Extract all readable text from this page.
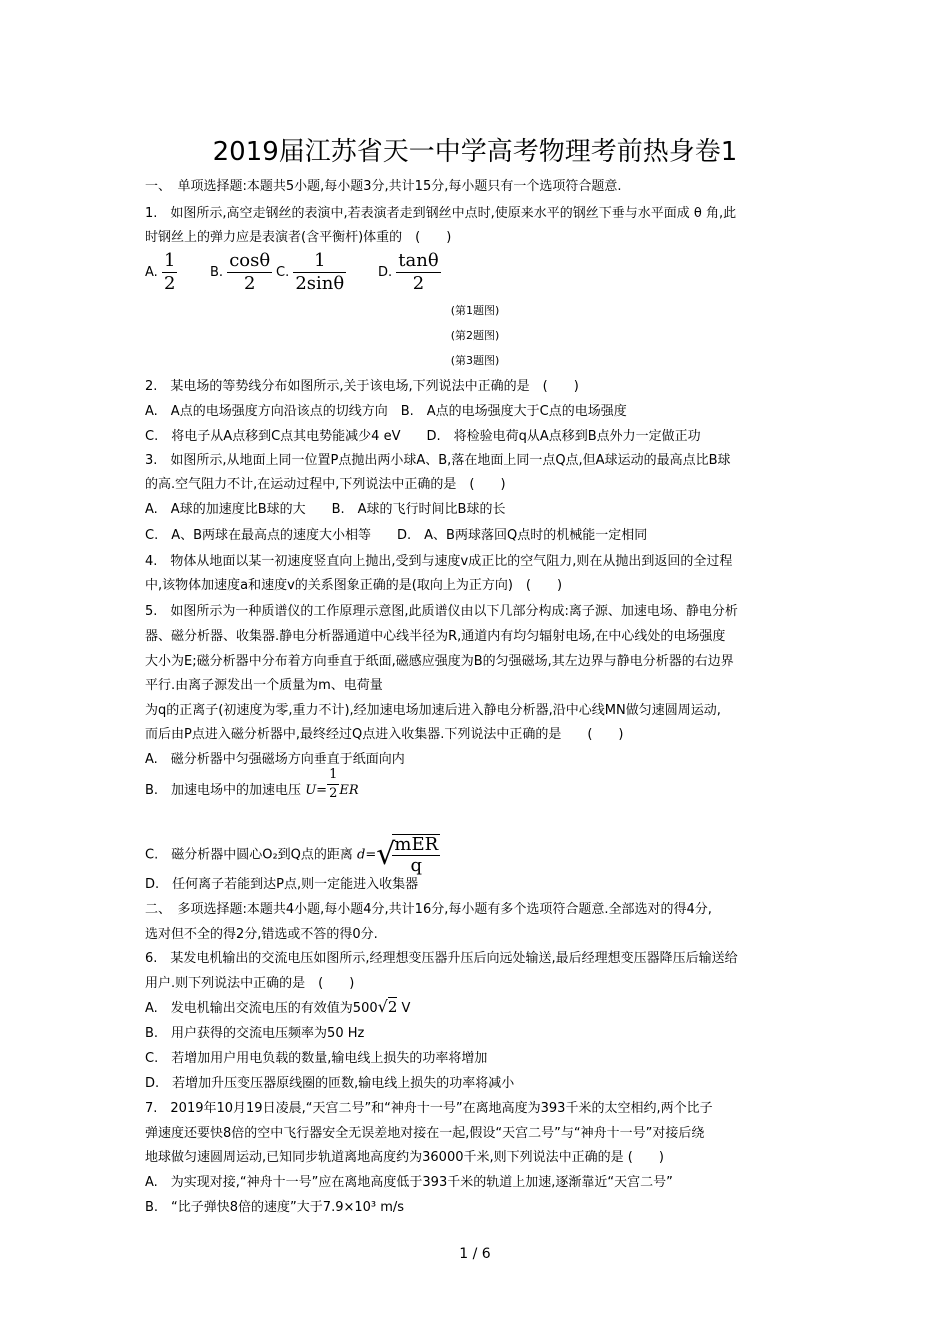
2019届江苏省天一中学高考物理考前热身卷1
一、　单项选择题:本题共5小题,每小题3分,共计15分,每小题只有一个选项符合题意.
1.　如图所示,高空走钢丝的表演中,若表演者走到钢丝中点时,使原来水平的钢丝下垂与水平面成 θ 角,此
时钢丝上的弹力应是表演者(含平衡杆)体重的　(　　)
A. $\frac{1}{2}$	B. $\frac{\cos\theta}{2} C$. $\frac{1}{2\sin\theta} D$. $\frac{\tan\theta}{2}$
(第1题图)
(第2题图)
(第3题图)
2.　某电场的等势线分布如图所示,关于该电场,下列说法中正确的是　(　　)
A.　A点的电场强度方向沿该点的切线方向　B.　A点的电场强度大于C点的电场强度
C.　将电子从A点移到C点其电势能减少4 eV　　D.　将检验电荷q从A点移到B点外力一定做正功
3.　如图所示,从地面上同一位置P点抛出两小球A、B,落在地面上同一点Q点,但A球运动的最高点比B球
的高.空气阻力不计,在运动过程中,下列说法中正确的是　(　　)
A.　A球的加速度比B球的大　　B.　A球的飞行时间比B球的长
C.　A、B两球在最高点的速度大小相等　　D.　A、B两球落回Q点时的机械能一定相同
4.　物体从地面以某一初速度竖直向上抛出,受到与速度v成正比的空气阻力,则在从抛出到返回的全过程
中,该物体加速度a和速度v的关系图象正确的是(取向上为正方向)　(　　)
5.　如图所示为一种质谱仪的工作原理示意图,此质谱仪由以下几部分构成:离子源、加速电场、静电分析
器、磁分析器、收集器.静电分析器通道中心线半径为R,通道内有均匀辐射电场,在中心线处的电场强度
大小为E;磁分析器中分布着方向垂直于纸面,磁感应强度为B的匀强磁场,其左边界与静电分析器的右边界
平行.由离子源发出一个质量为m、电荷量
为q的正离子(初速度为零,重力不计),经加速电场加速后进入静电分析器,沿中心线MN做匀速圆周运动,
而后由P点进入磁分析器中,最终经过Q点进入收集器.下列说法中正确的是　　(　　)
A.　磁分析器中匀强磁场方向垂直于纸面向内
B.　加速电场中的加速电压 $U= \frac{1}{2}$ ER
C.　磁分析器中圆心O₂到Q点的距离 d=√
$\frac{\text{mER}}{q}$
D.　任何离子若能到达P点,则一定能进入收集器
二、　多项选择题:本题共4小题,每小题4分,共计16分,每小题有多个选项符合题意.全部选对的得4分,
选对但不全的得2分,错选或不答的得0分.
6.　某发电机输出的交流电压如图所示,经理想变压器升压后向远处输送,最后经理想变压器降压后输送给
用户.则下列说法中正确的是　(　　)
A.　发电机输出交流电压的有效值为500√2 V
B.　用户获得的交流电压频率为50 Hz
C.　若增加用户用电负载的数量,输电线上损失的功率将增加
D.　若增加升压变压器原线圈的匝数,输电线上损失的功率将减小
7.　2019年10月19日凌晨,“天宫二号”和“神舟十一号”在离地高度为393千米的太空相约,两个比子
弹速度还要快8倍的空中飞行器安全无误差地对接在一起,假设“天宫二号”与“神舟十一号”对接后绕
地球做匀速圆周运动,已知同步轨道离地高度约为36000千米,则下列说法中正确的是 (　　)
A.　为实现对接,“神舟十一号”应在离地高度低于393千米的轨道上加速,逐渐靠近“天宫二号”
B.　“比子弹快8倍的速度”大于7.9×10³ m/s
1 / 6
